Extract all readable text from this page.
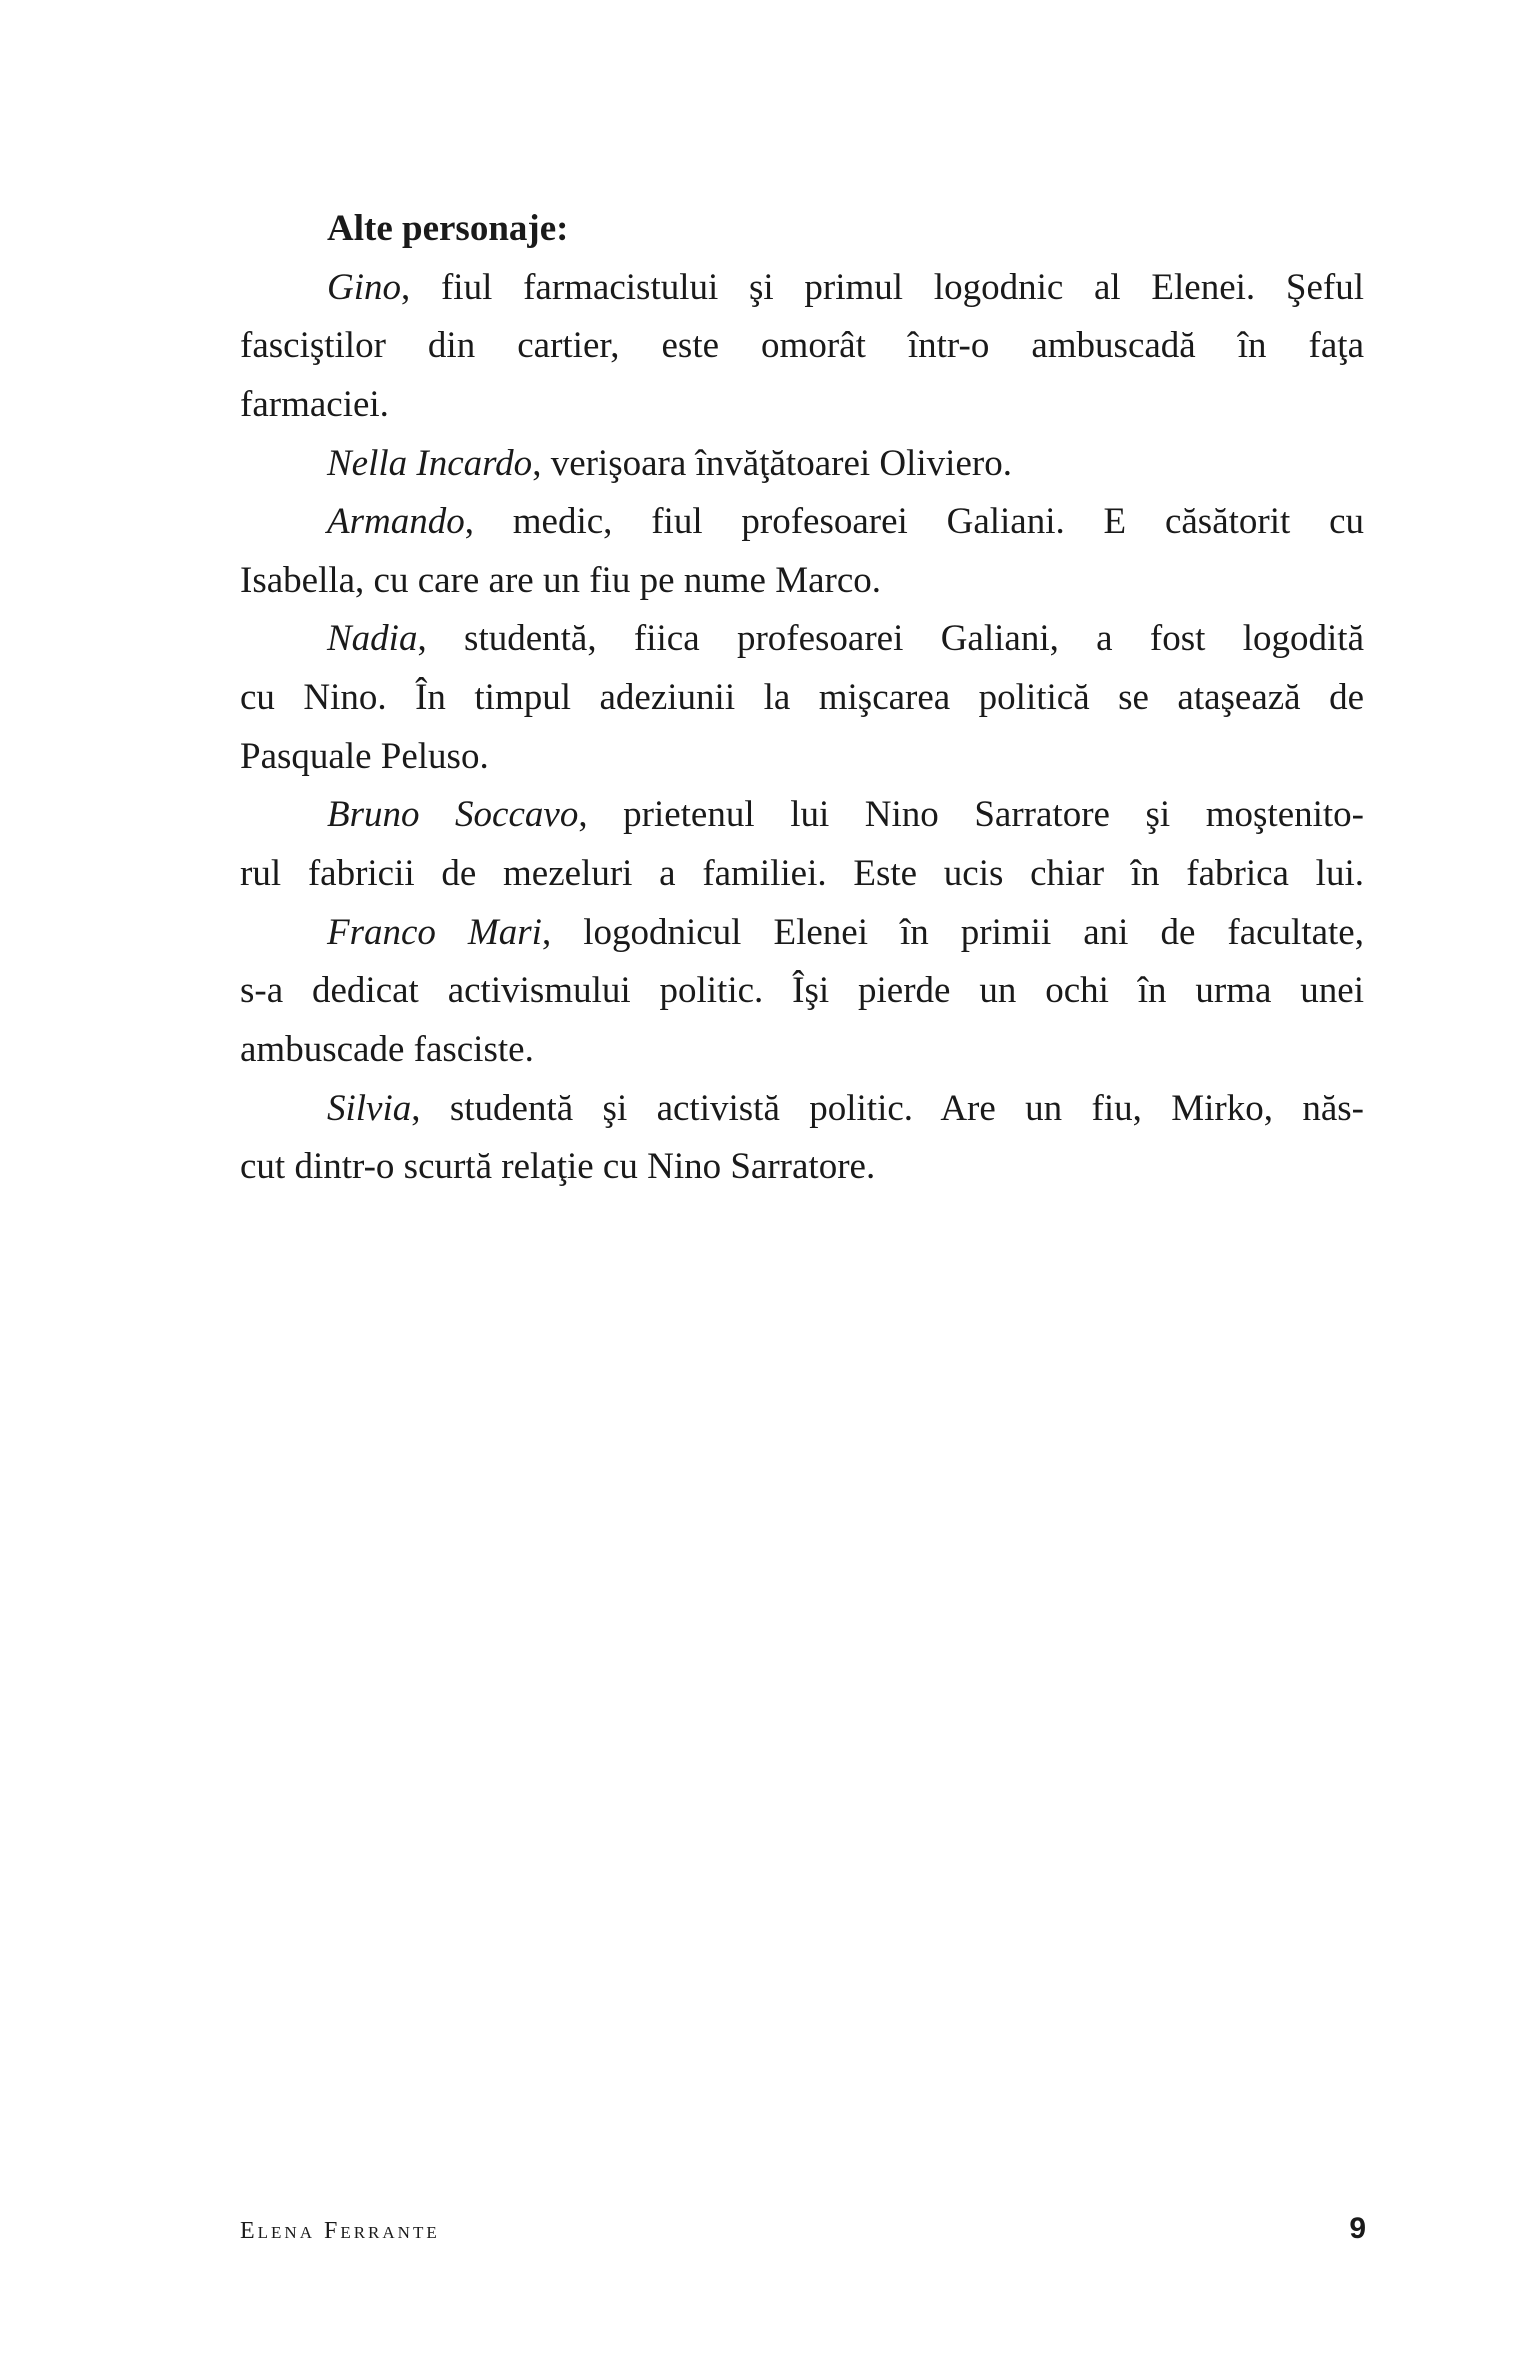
Alte personaje:
Gino, fiul farmacistului şi primul logodnic al Elenei. Şeful
fasciştilor din cartier, este omorât într-o ambuscadă în faţa
farmaciei.
Nella Incardo, verişoara învăţătoarei Oliviero.
Armando, medic, fiul profesoarei Galiani. E căsătorit cu
Isabella, cu care are un fiu pe nume Marco.
Nadia, studentă, fiica profesoarei Galiani, a fost logodită
cu Nino. În timpul adeziunii la mişcarea politică se ataşează de
Pasquale Peluso.
Bruno Soccavo, prietenul lui Nino Sarratore şi moştenito-
rul fabricii de mezeluri a familiei. Este ucis chiar în fabrica lui.
Franco Mari, logodnicul Elenei în primii ani de facultate,
s-a dedicat activismului politic. Îşi pierde un ochi în urma unei
ambuscade fasciste.
Silvia, studentă şi activistă politic. Are un fiu, Mirko, năs-
cut dintr-o scurtă relaţie cu Nino Sarratore.
Elena Ferrante	9
